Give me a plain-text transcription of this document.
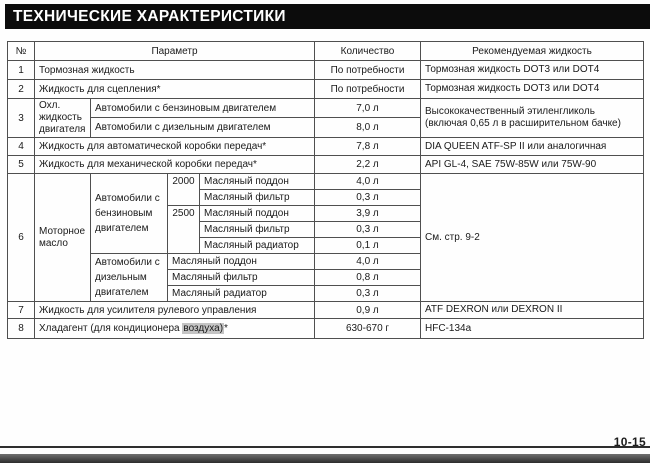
ТЕХНИЧЕСКИЕ ХАРАКТЕРИСТИКИ
№	Параметр				Количество	Рекомендуемая жидкость
1	Тормозная жидкость				По потребности	Тормозная жидкость DOT3 или DOT4
2	Жидкость для сцепления*				По потребности	Тормозная жидкость DOT3 или DOT4
3	Охл. жидкость двигателя	Автомобили с бензиновым двигателем			7,0 л	Высококачественный этиленгликоль (включая 0,65 л в расширительном бачке)
		Автомобили с дизельным двигателем			8,0 л	
4	Жидкость для автоматической коробки передач*				7,8 л	DIA QUEEN ATF-SP II или аналогичная
5	Жидкость для механической коробки передач*				2,2 л	API GL-4, SAE 75W-85W или 75W-90
6	Моторное масло	Автомобили с бензиновым двигателем	2000	Масляный поддон	4,0 л	См. стр. 9-2
				Масляный фильтр	0,3 л	
			2500	Масляный поддон	3,9 л	
				Масляный фильтр	0,3 л	
				Масляный радиатор	0,1 л	
		Автомобили с дизельным двигателем	Масляный поддон		4,0 л	
			Масляный фильтр		0,8 л	
			Масляный радиатор		0,3 л	
7	Жидкость для усилителя рулевого управления				0,9 л	ATF DEXRON или DEXRON II
8	Хладагент (для кондиционера воздуха)*				630-670 г	HFC-134a
10-15
